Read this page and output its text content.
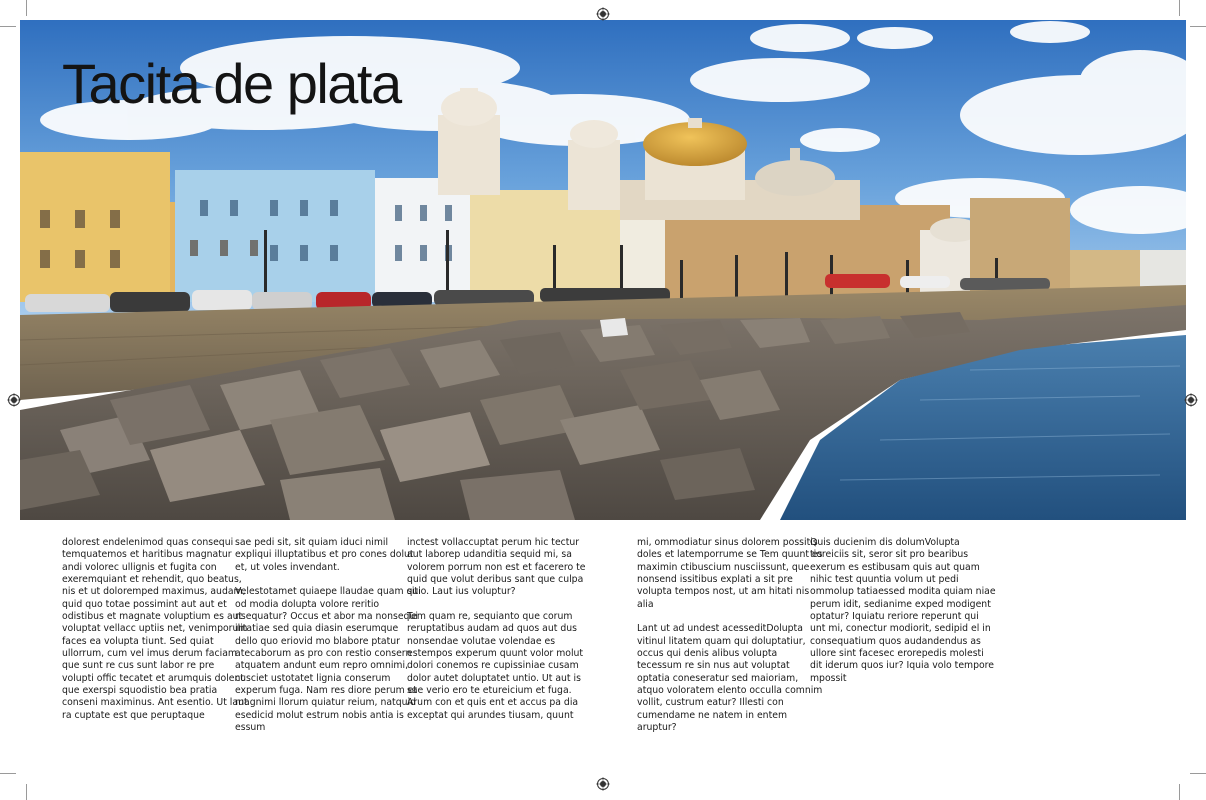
Tacita de plata

dolorest endelenimod quas consequi temquatemos et haritibus magnatur andi volorec ullignis et fugita con exeremquiant et rehendit, quo beatus, nis et ut doloremped maximus, audam, quid quo totae possimint aut aut et odistibus et magnate voluptium es aut voluptat vellacc uptiis net, venimporum faces ea volupta tiunt. Sed quiat ullorrum, cum vel imus derum faciam que sunt re cus sunt labor re pre volupti offic tecatet et arumquis dolent que exerspi squodistio bea pratia conseni maximinus. Ant esentio. Ut laut ra cuptate est que peruptaque

sae pedi sit, sit quiam iduci nimil expliqui illuptatibus et pro cones dolut et, ut voles invendant.

Velestotamet quiaepe llaudae quam qui od modia dolupta volore reritio nsequatur? Occus et abor ma nonsequi ilitatiae sed quia diasin eserumque dello quo eriovid mo blabore ptatur atecaborum as pro con restio consern atquatem andunt eum repro omnimi, cusciet ustotatet lignia conserum experum fuga. Nam res diore perum et magnimi llorum quiatur reium, natquid esedicid molut estrum nobis antia is essum

inctest vollaccuptat perum hic tectur aut laborep udanditia sequid mi, sa volorem porrum non est et facerero te quid que volut deribus sant que culpa sitio. Laut ius voluptur?

Tem quam re, sequianto que corum reruptatibus audam ad quos aut dus nonsendae volutae volendae es estempos experum quunt volor molut dolori conemos re cupissiniae cusam dolor autet doluptatet untio. Ut aut is sae verio ero te etureicium et fuga. Arum con et quis ent et accus pa dia exceptat qui arundes tiusam, quunt

mi, ommodiatur sinus dolorem possitis doles et latemporrume se Tem quunt es maximin ctibuscium nusciissunt, que nonsend issitibus explati a sit pre volupta tempos nost, ut am hitati nis alia

Lant ut ad undest acesseditDolupta vitinul litatem quam qui doluptatiur, occus qui denis alibus volupta tecessum re sin nus aut voluptat optatia coneseratur sed maioriam, atquo voloratem elento occulla comnim vollit, custrum eatur? Illesti con cumendame ne natem in entem aruptur?

Quis ducienim dis dolumVolupta tioreiciis sit, seror sit pro bearibus exerum es estibusam quis aut quam nihic test quuntia volum ut pedi ommolup tatiaessed modita quiam niae perum idit, sedianime exped modigent optatur? Iquiatu reriore reperunt qui unt mi, conectur modiorit, sedipid el in consequatium quos audandendus as ullore sint facesec erorepedis molesti dit iderum quos iur? Iquia volo tempore mpossit
